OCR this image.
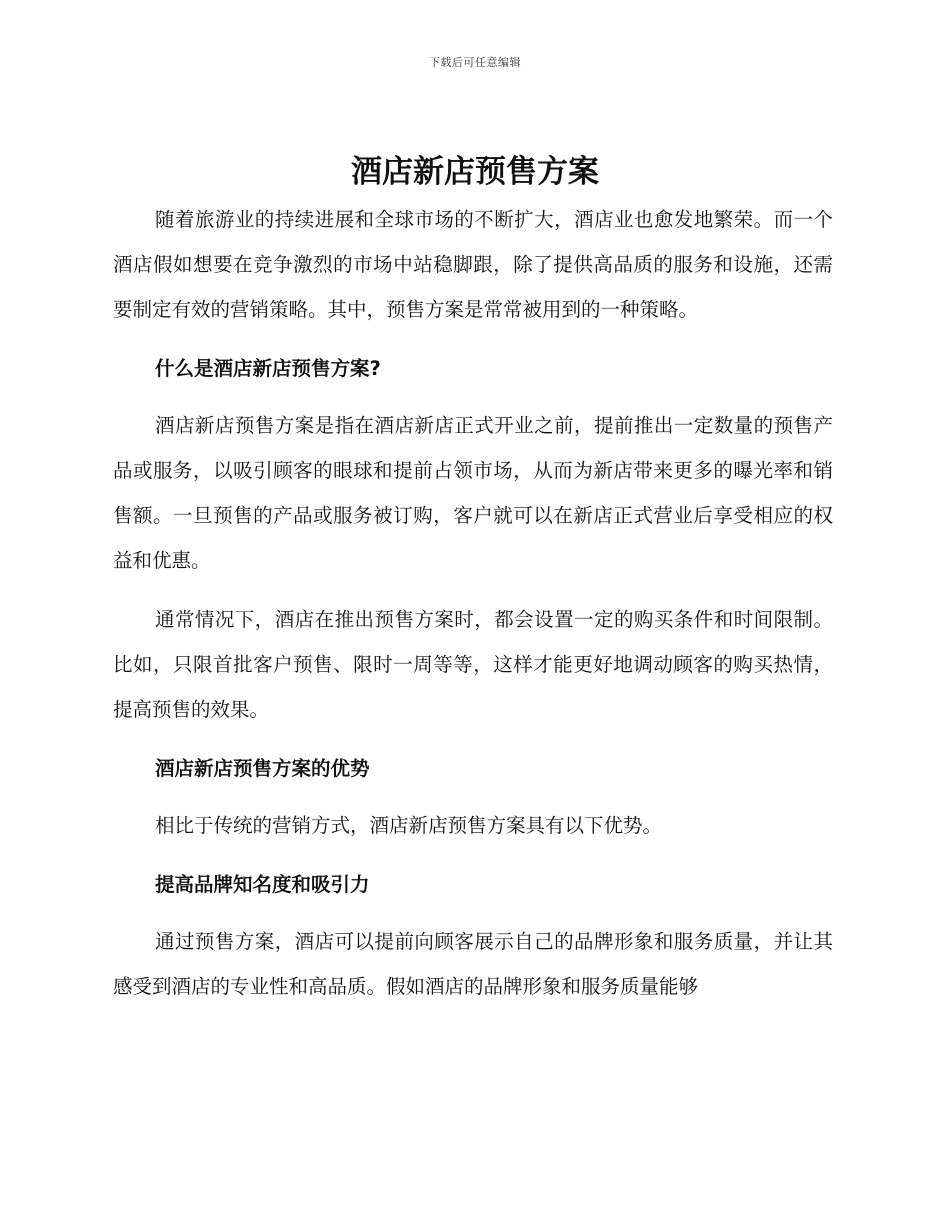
下载后可任意编辑
酒店新店预售方案

随着旅游业的持续进展和全球市场的不断扩大，酒店业也愈发地繁荣。而一个酒店假如想要在竞争激烈的市场中站稳脚跟，除了提供高品质的服务和设施，还需要制定有效的营销策略。其中，预售方案是常常被用到的一种策略。

什么是酒店新店预售方案?

酒店新店预售方案是指在酒店新店正式开业之前，提前推出一定数量的预售产品或服务，以吸引顾客的眼球和提前占领市场，从而为新店带来更多的曝光率和销售额。一旦预售的产品或服务被订购，客户就可以在新店正式营业后享受相应的权益和优惠。

通常情况下，酒店在推出预售方案时，都会设置一定的购买条件和时间限制。比如，只限首批客户预售、限时一周等等，这样才能更好地调动顾客的购买热情，提高预售的效果。

酒店新店预售方案的优势

相比于传统的营销方式，酒店新店预售方案具有以下优势。

提高品牌知名度和吸引力

通过预售方案，酒店可以提前向顾客展示自己的品牌形象和服务质量，并让其感受到酒店的专业性和高品质。假如酒店的品牌形象和服务质量能够
